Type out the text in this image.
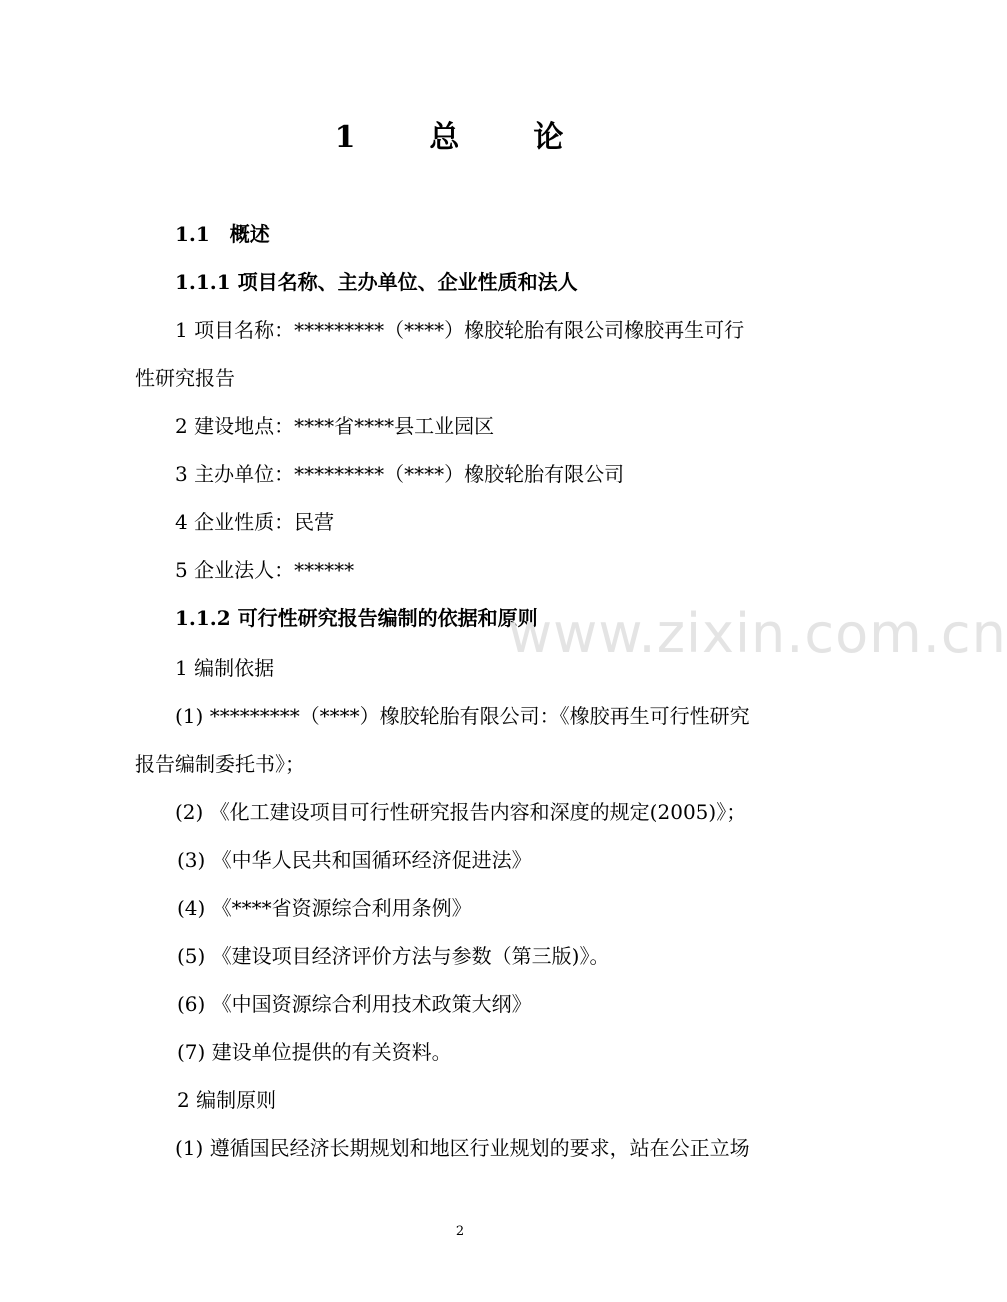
1　总　论
1.1　概述
1.1.1 项目名称、主办单位、企业性质和法人
1 项目名称：*********（****）橡胶轮胎有限公司橡胶再生可行
性研究报告
2 建设地点：****省****县工业园区
3 主办单位：*********（****）橡胶轮胎有限公司
4 企业性质：民营
5 企业法人：******
1.1.2 可行性研究报告编制的依据和原则
www.zixin.com.cn
1 编制依据
(1) *********（****）橡胶轮胎有限公司：《橡胶再生可行性研究
报告编制委托书》；
(2) 《化工建设项目可行性研究报告内容和深度的规定(2005)》；
(3) 《中华人民共和国循环经济促进法》
(4) 《****省资源综合利用条例》
(5) 《建设项目经济评价方法与参数（第三版)》。
(6) 《中国资源综合利用技术政策大纲》
(7) 建设单位提供的有关资料。
2 编制原则
(1) 遵循国民经济长期规划和地区行业规划的要求，站在公正立场
2
